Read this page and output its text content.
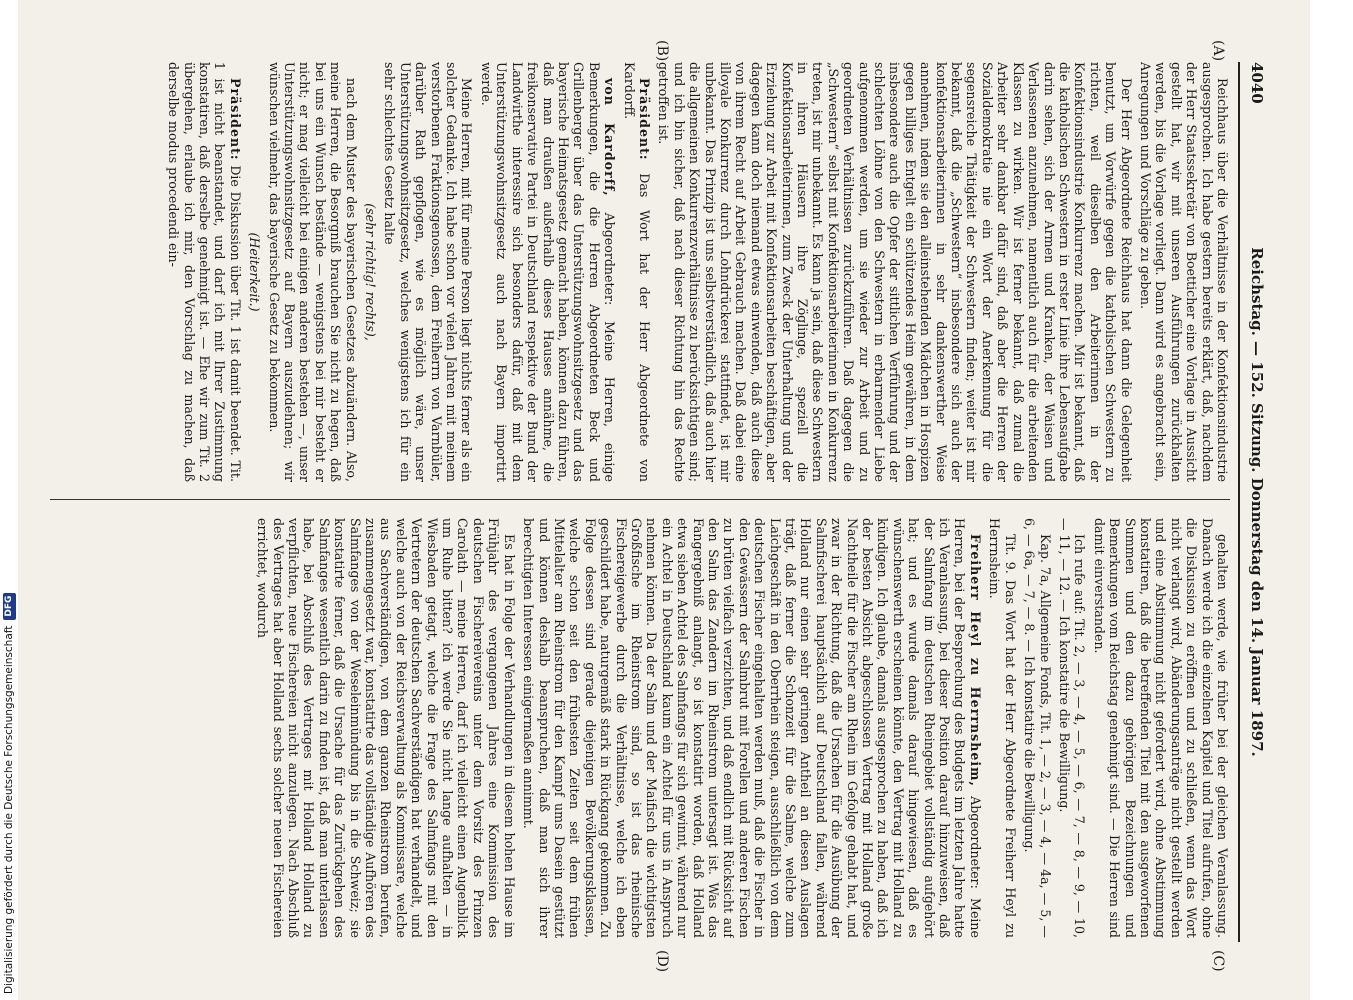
4040
Reichstag. — 152. Sitzung. Donnerstag den 14. Januar 1897.
(A)
(B)
(C)
(D)

Reichhaus über die Verhältnisse in der Konfektionsindustrie ausgesprochen. Ich habe gestern bereits erklärt, daß, nachdem der Herr Staatssekretär von Boetticher eine Vorlage in Aussicht gestellt hat, wir mit unseren Ausführungen zurückhalten werden, bis die Vorlage vorliegt. Dann wird es angebracht sein, Anregungen und Vorschläge zu geben.

Der Herr Abgeordnete Reichhaus hat dann die Gelegenheit benutzt, um Vorwürfe gegen die katholischen Schwestern zu richten, weil dieselben den Arbeiterinnen in der Konfektionsindustrie Konkurrenz machen. Mir ist bekannt, daß die katholischen Schwestern in erster Linie ihre Lebensaufgabe darin sehen, sich der Armen und Kranken, der Waisen und Verlassenen anzunehmen, namentlich auch für die arbeitenden Klassen zu wirken. Wir ist ferner bekannt, daß zumal die Arbeiter sehr dankbar dafür sind, daß aber die Herren der Sozialdemokratie nie ein Wort der Anerkennung für die segensreiche Thätigkeit der Schwestern finden; weiter ist mir bekannt, daß die „Schwestern“ insbesondere sich auch der konfektionsarbeiterinnen in sehr dankenswerther Weise annehmen, indem sie den alleinstehenden Mädchen in Hospizen gegen billiges Entgelt ein schützendes Heim gewähren, in dem insbesondere auch die Opfer der sittlichen Verführung und der schlechten Löhne von den Schwestern in erbarmender Liebe aufgenommen werden, um sie wieder zur Arbeit und zu geordneten Verhältnissen zurückzuführen. Daß dagegen die „Schwestern“ selbst mit Konfektionsarbeiterinnen in Konkurrenz treten, ist mir unbekannt. Es kann ja sein, daß diese Schwestern in ihren Häusern ihre Zöglinge, speziell die Konfektionsarbeiterinnen, zum Zweck der Unterhaltung und der Erziehung zur Arbeit mit Konfektionsarbeiten beschäftigen, aber dagegen kann doch niemand etwas einwenden, daß auch diese von ihrem Recht auf Arbeit Gebrauch machen. Daß dabei eine illoyale Konkurrenz durch Lohndrückerei stattfindet, ist mir unbekannt. Das Prinzip ist uns selbstverständlich, daß auch hier die allgemeinen Konkurrenzverhältnisse zu berücksichtigen sind; und ich bin sicher, daß nach dieser Richtung hin das Rechte getroffen ist.

Präsident: Das Wort hat der Herr Abgeordnete von Kardorff.

von Kardorff, Abgeordneter: Meine Herren, einige Bemerkungen, die die Herren Abgeordneten Beck und Grillenberger über das Unterstützungswohnsitzgesetz und das bayerische Heimatsgesetz gemacht haben, können dazu führen, daß man draußen außerhalb dieses Hauses annähme, die freikonservative Partei in Deutschland respektive der Bund der Landwirthe interessire sich besonders dafür, daß mit dem Unterstützungswohnsitzgesetz auch nach Bayern importirt werde.

Meine Herren, mit für meine Person liegt nichts ferner als ein solcher Gedanke. Ich habe schon vor vielen Jahren mit meinem verstorbenen Fraktionsgenossen, dem Freiherrn von Varnbüler, darüber Rath gepflogen, wie es möglich wäre, unser Unterstützungswohnsitzgesetz, welches wenigstens ich für ein sehr schlechtes Gesetz halte

(sehr richtig! rechts),

nach dem Muster des bayerischen Gesetzes abzuändern. Also, meine Herren, die Besorgniß brauchen Sie nicht zu hegen, daß bei uns ein Wunsch bestände — wenigstens bei mir besteht er nicht; er mag vielleicht bei einigen anderen bestehen —, unser Unterstützungswohnsitzgesetz auf Bayern auszudehnen; wir wünschen vielmehr, das bayerische Gesetz zu bekommen.

(Heiterkeit.)

Präsident: Die Diskussion über Tit. 1 ist damit beendet. Tit. 1 ist nicht beanstandet, und darf ich mit Ihrer Zustimmung konstatiren, daß derselbe genehmigt ist. — Ehe wir zum Tit. 2 übergehen, erlaube ich mir, den Vorschlag zu machen, daß derselbe modus procedendi ein-

gehalten werde, wie früher bei der gleichen Veranlassung. Danach werde ich die einzelnen Kapitel und Titel aufrufen, ohne die Diskussion zu eröffnen und zu schließen, wenn das Wort nicht verlangt wird, Abänderungsanträge nicht gestellt werden und eine Abstimmung nicht gefordert wird, ohne Abstimmung konstatiren, daß die betreffenden Titel mit den ausgeworfenen Summen und den dazu gehörigen Bezeichnungen und Bemerkungen vom Reichstag genehmigt sind. — Die Herren sind damit einverstanden.

Ich rufe auf: Tit. 2, — 3, — 4, — 5, — 6, — 7, — 8, — 9, — 10, — 11, — 12. — Ich konstatire die Bewilligung.

Kap. 7a, Allgemeine Fonds, Tit. 1, — 2, — 3, — 4, — 4a, — 5, — 6, — 6a, — 7, — 8. — Ich konstatire die Bewilligung.

Tit. 9. Das Wort hat der Herr Abgeordnete Freiherr Heyl zu Herrnsheim.

Freiherr Heyl zu Herrnsheim, Abgeordneter: Meine Herren, bei der Besprechung des Budgets im letzten Jahre hatte ich Veranlassung, bei dieser Position darauf hinzuweisen, daß der Salmfang im deutschen Rheingebiet vollständig aufgehört hat; und es wurde damals darauf hingewiesen, daß es wünschenswerth erscheinen könnte, den Vertrag mit Holland zu kündigen. Ich glaube, damals ausgesprochen zu haben, daß ich der besten Absicht abgeschlossen Vertrag mit Holland große Nachtheile für die Fischer am Rhein im Gefolge gehabt hat, und zwar in der Richtung, daß die Ursachen für die Ausübung der Salmfischerei hauptsächlich auf Deutschland fallen, während Holland nur einen sehr geringen Antheil an diesen Auslagen trägt, daß ferner die Schonzeit für die Salme, welche zum Laichgeschäft in den Oberrhein steigen, ausschließlich von dem deutschen Fischer eingehalten werden muß, daß die Fischer in den Gewässern der Salmbrut mit Forellen und anderen Fischen zu brüten vielfach verzichten, und daß endlich mit Rücksicht auf den Salm das Zandern im Rheinstrom untersagt ist. Was das Fangergebniß anlangt, so ist konstatirt worden, daß Holland etwa sieben Achtel des Salmfangs für sich gewinnt, während nur ein Achtel in Deutschland kaum ein Achtel für uns in Anspruch nehmen können. Da der Salm und der Maifisch die wichtigsten Großfische im Rheinstrom sind, so ist das rheinische Fischereigewerbe durch die Verhältnisse, welche ich eben geschildert habe, naturgemäß stark in Rückgang gekommen. Zu Folge dessen sind gerade diejenigen Bevölkerungsklassen, welche schon seit den frühesten Zeiten seit dem frühen Mittelalter am Rheinstrom für den Kampf ums Dasein gestützt und können deshalb beanspruchen, daß man sich ihrer berechtigten Interessen einigermaßen annimmt.

Es hat in Folge der Verhandlungen in diesem hohen Hause im Frühjahr des vergangenen Jahres eine Kommission des deutschen Fischereivereins unter dem Vorsitz des Prinzen Carolath — meine Herren, darf ich vielleicht einen Augenblick um Ruhe bitten? ich werde Sie nicht lange aufhalten — in Wiesbaden getagt, welche die Frage des Salmfangs mit den Vertretern der deutschen Sachverständigen hat verhandelt, und welche auch von der Reichsverwaltung als Kommissare, welche aus Sachverständigen, von dem ganzen Rheinstrom berufen, zusammengesetzt war, konstatirte das vollständige Aufhören des Salmfanges von der Weseleinmündung bis in die Schweiz; sie konstatirte ferner, daß die Ursache für das Zurückgehen des Salmfanges wesentlich darin zu finden ist, daß man unterlassen habe, bei Abschluß des Vertrages mit Holland Holland zu verpflichten, neue Fischereien nicht anzulegen. Nach Abschluß des Vertrages hat aber Holland sechs solcher neuen Fischereien errichtet, wodurch

Digitalisierung gefördert durch die Deutsche Forschungsgemeinschaft
DFG
